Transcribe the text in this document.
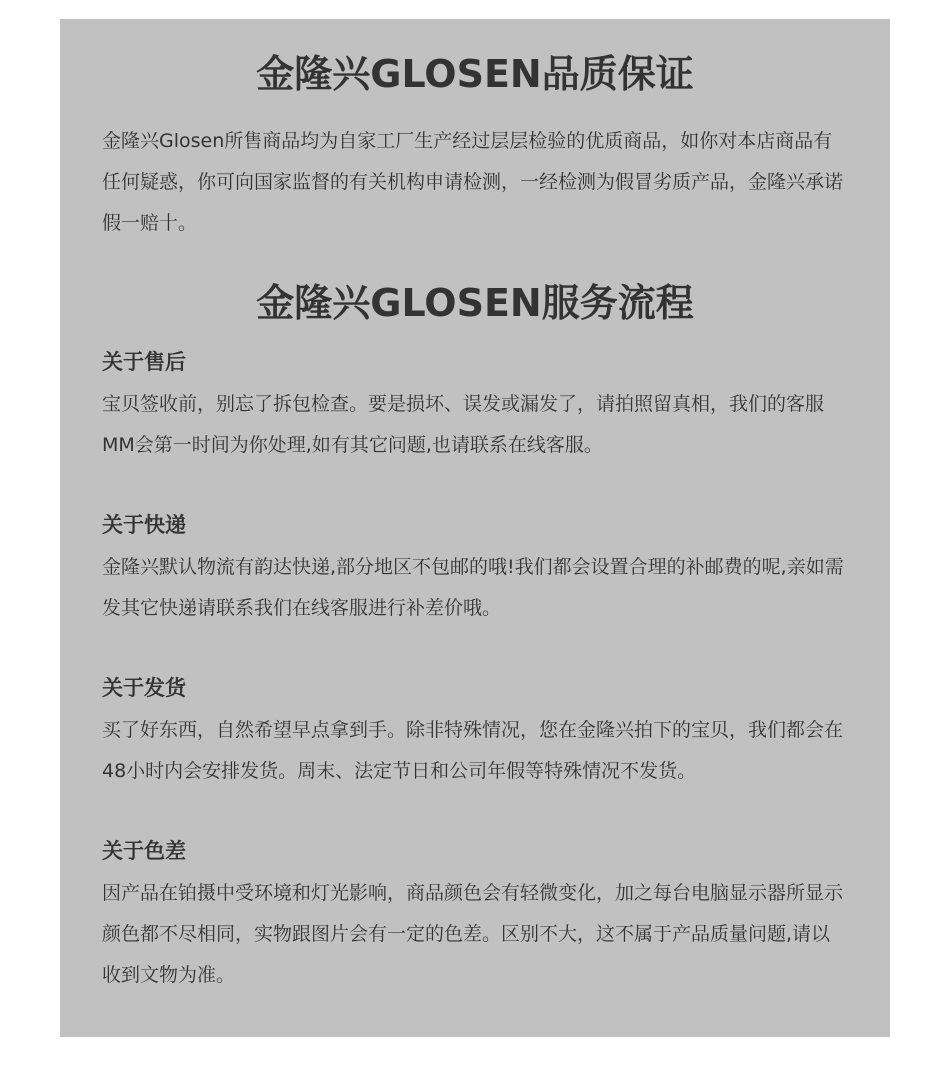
金隆兴GLOSEN品质保证

金隆兴Glosen所售商品均为自家工厂生产经过层层检验的优质商品，如你对本店商品有任何疑惑，你可向国家监督的有关机构申请检测，一经检测为假冒劣质产品，金隆兴承诺假一赔十。

金隆兴GLOSEN服务流程
关于售后

宝贝签收前，别忘了拆包检查。要是损坏、误发或漏发了，请拍照留真相，我们的客服MM会第一时间为你处理,如有其它问题,也请联系在线客服。

关于快递

金隆兴默认物流有韵达快递,部分地区不包邮的哦!我们都会设置合理的补邮费的呢,亲如需发其它快递请联系我们在线客服进行补差价哦。

关于发货

买了好东西，自然希望早点拿到手。除非特殊情况，您在金隆兴拍下的宝贝，我们都会在48小时内会安排发货。周末、法定节日和公司年假等特殊情况不发货。

关于色差

因产品在铂摄中受环境和灯光影响，商品颜色会有轻微变化，加之每台电脑显示器所显示颜色都不尽相同，实物跟图片会有一定的色差。区别不大，这不属于产品质量问题,请以收到文物为准。
